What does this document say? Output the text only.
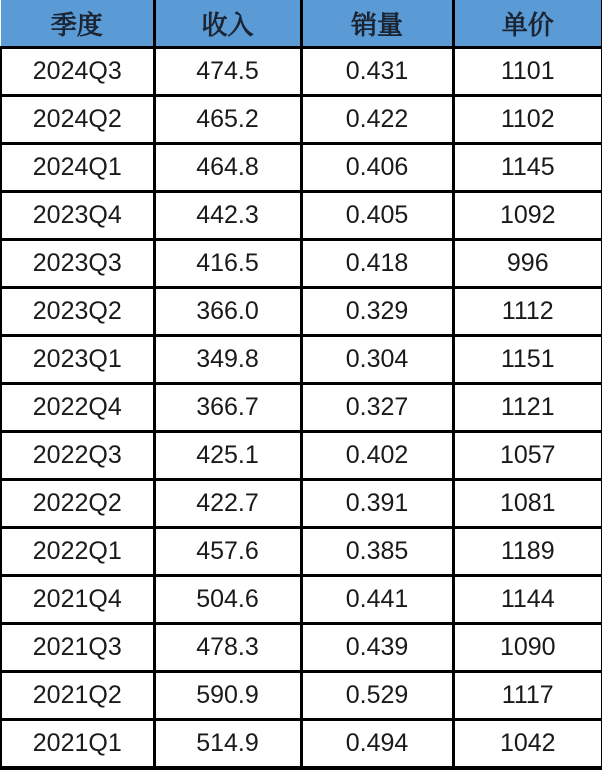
季度	收入	销量	单价
2024Q3	474.5	0.431	1101
2024Q2	465.2	0.422	1102
2024Q1	464.8	0.406	1145
2023Q4	442.3	0.405	1092
2023Q3	416.5	0.418	996
2023Q2	366.0	0.329	1112
2023Q1	349.8	0.304	1151
2022Q4	366.7	0.327	1121
2022Q3	425.1	0.402	1057
2022Q2	422.7	0.391	1081
2022Q1	457.6	0.385	1189
2021Q4	504.6	0.441	1144
2021Q3	478.3	0.439	1090
2021Q2	590.9	0.529	1117
2021Q1	514.9	0.494	1042
